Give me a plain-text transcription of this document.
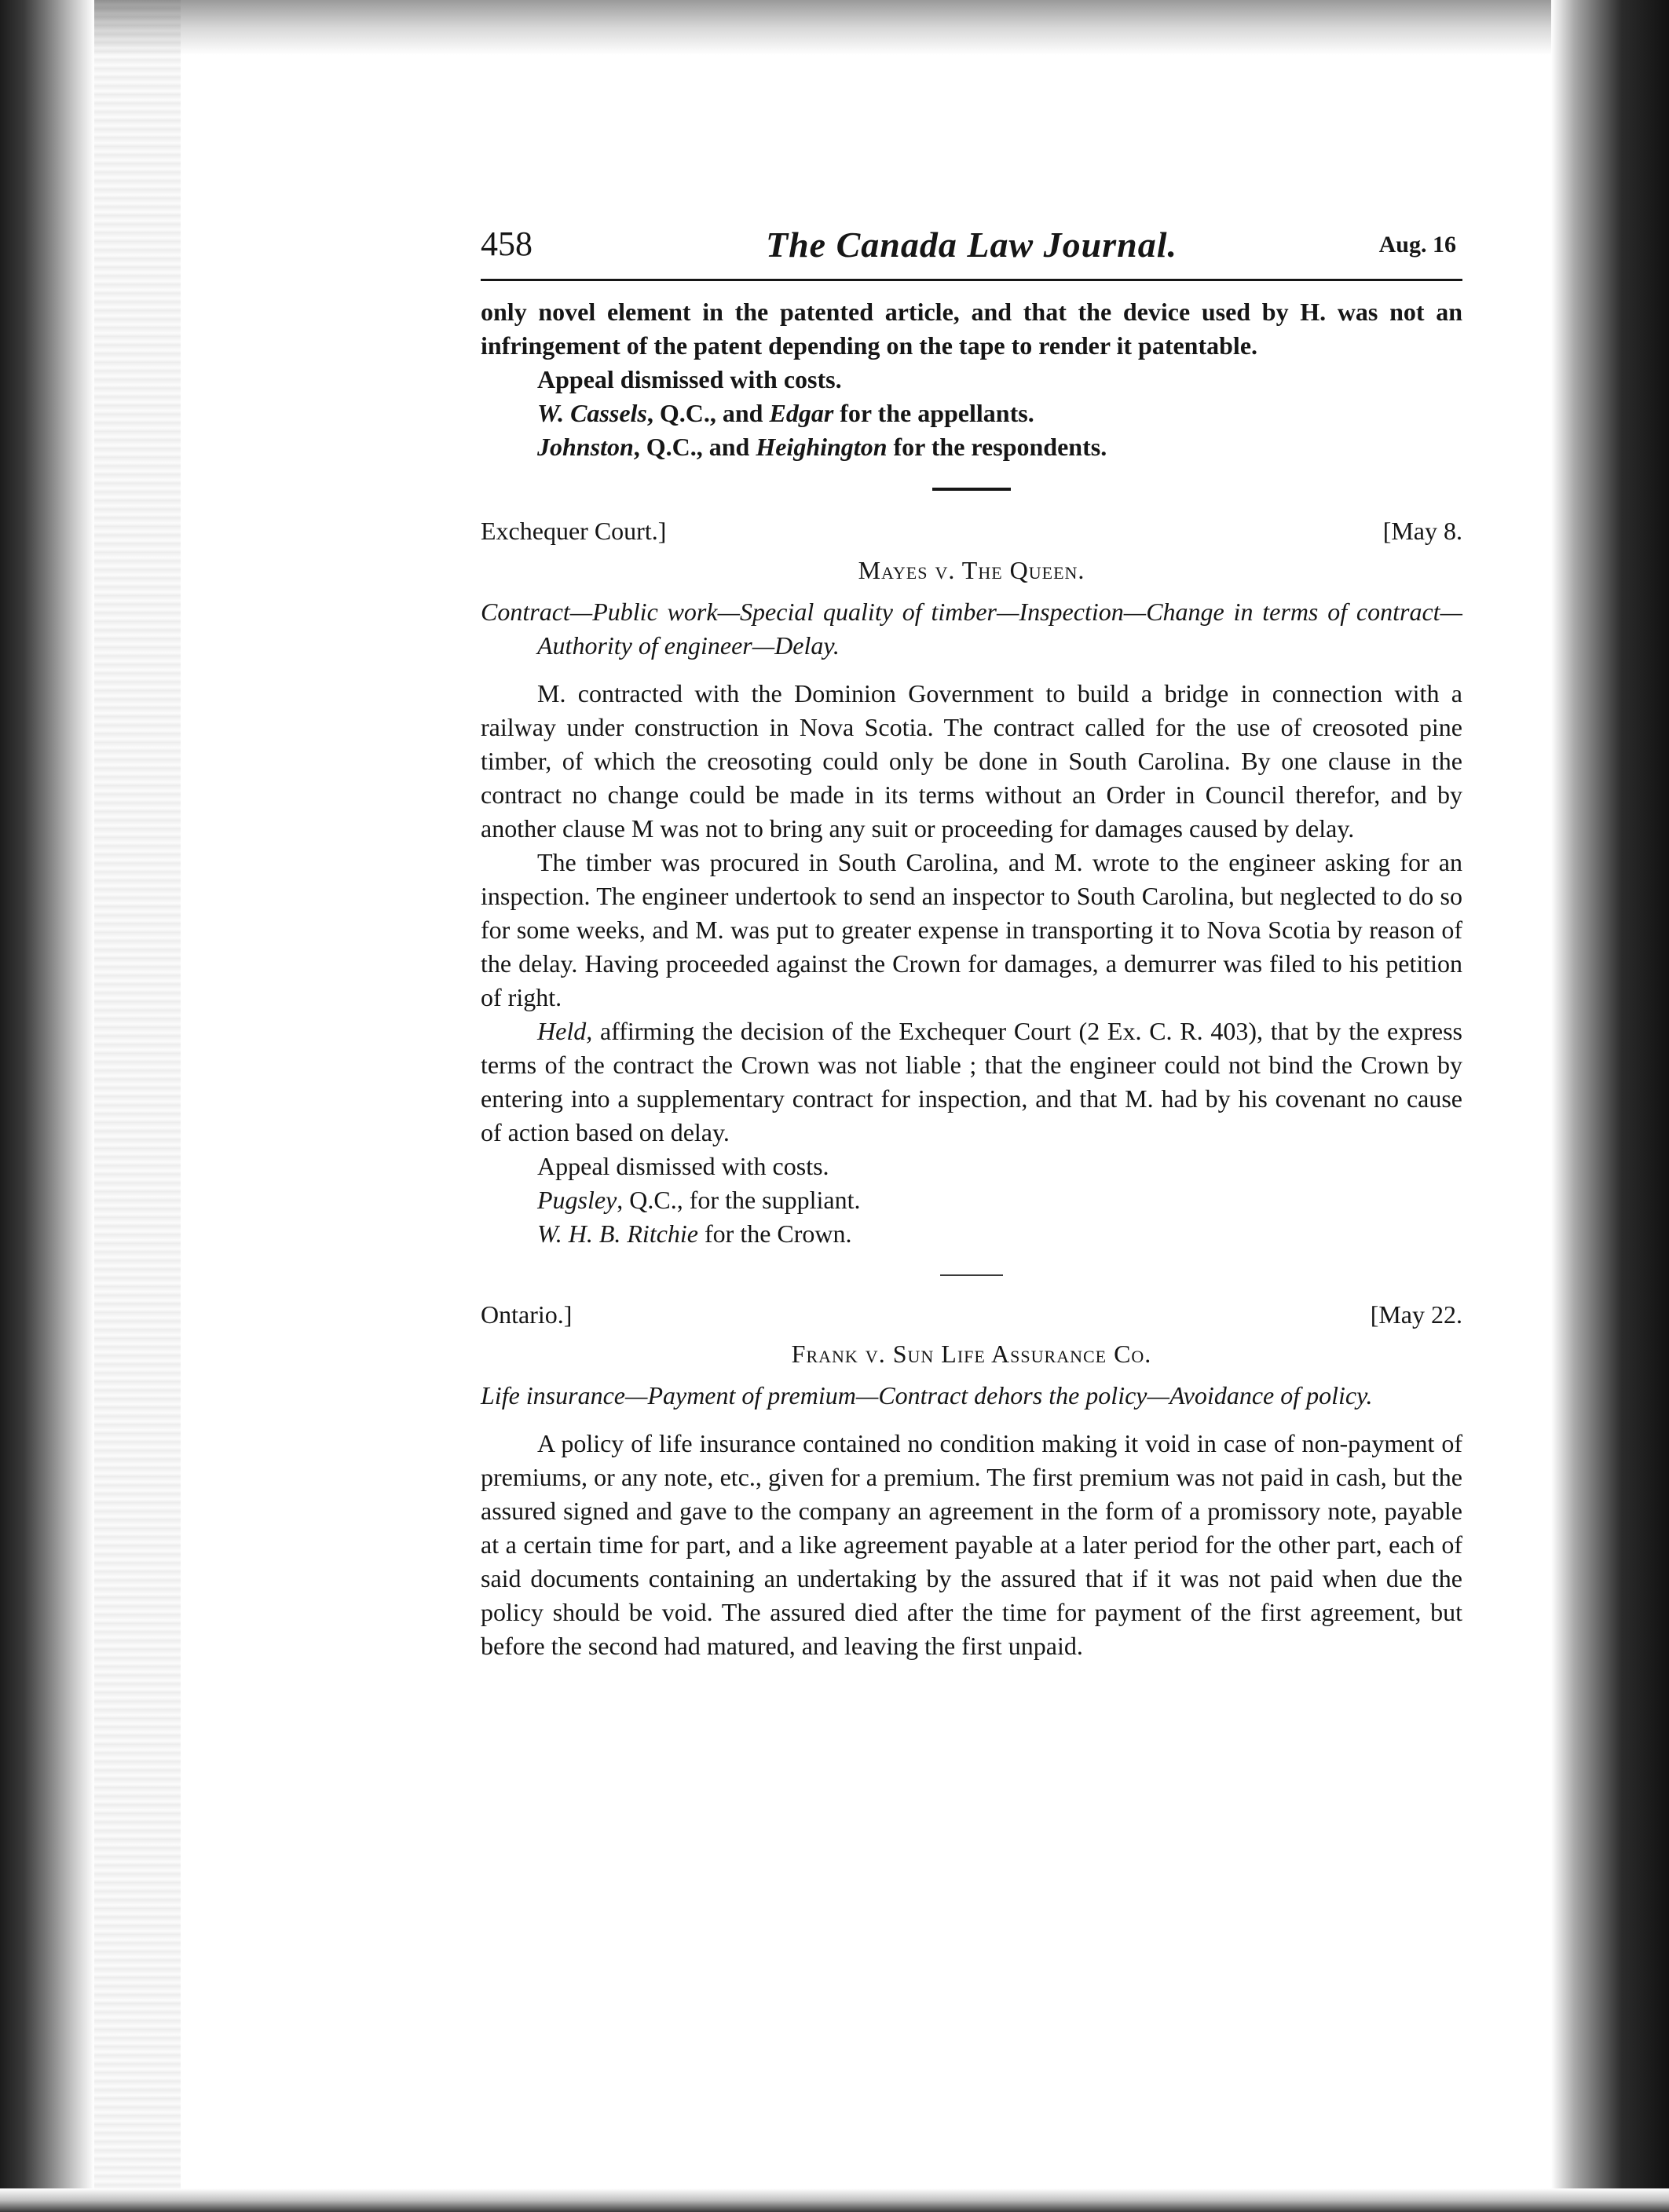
458	The Canada Law Journal.	Aug. 16

only novel element in the patented article, and that the device used by H. was not an infringement of the patent depending on the tape to render it patentable.

Appeal dismissed with costs.

W. Cassels, Q.C., and Edgar for the appellants.

Johnston, Q.C., and Heighington for the respondents.

Exchequer Court.]	[May 8.
Mayes v. The Queen.

Contract—Public work—Special quality of timber—Inspection—Change in terms of contract—Authority of engineer—Delay.

M. contracted with the Dominion Government to build a bridge in connection with a railway under construction in Nova Scotia. The contract called for the use of creosoted pine timber, of which the creosoting could only be done in South Carolina. By one clause in the contract no change could be made in its terms without an Order in Council therefor, and by another clause M was not to bring any suit or proceeding for damages caused by delay.

The timber was procured in South Carolina, and M. wrote to the engineer asking for an inspection. The engineer undertook to send an inspector to South Carolina, but neglected to do so for some weeks, and M. was put to greater expense in transporting it to Nova Scotia by reason of the delay. Having proceeded against the Crown for damages, a demurrer was filed to his petition of right.

Held, affirming the decision of the Exchequer Court (2 Ex. C. R. 403), that by the express terms of the contract the Crown was not liable ; that the engineer could not bind the Crown by entering into a supplementary contract for inspection, and that M. had by his covenant no cause of action based on delay.

Appeal dismissed with costs.

Pugsley, Q.C., for the suppliant.

W. H. B. Ritchie for the Crown.

Ontario.]	[May 22.
Frank v. Sun Life Assurance Co.

Life insurance—Payment of premium—Contract dehors the policy—Avoidance of policy.

A policy of life insurance contained no condition making it void in case of non-payment of premiums, or any note, etc., given for a premium. The first premium was not paid in cash, but the assured signed and gave to the company an agreement in the form of a promissory note, payable at a certain time for part, and a like agreement payable at a later period for the other part, each of said documents containing an undertaking by the assured that if it was not paid when due the policy should be void. The assured died after the time for payment of the first agreement, but before the second had matured, and leaving the first unpaid.
